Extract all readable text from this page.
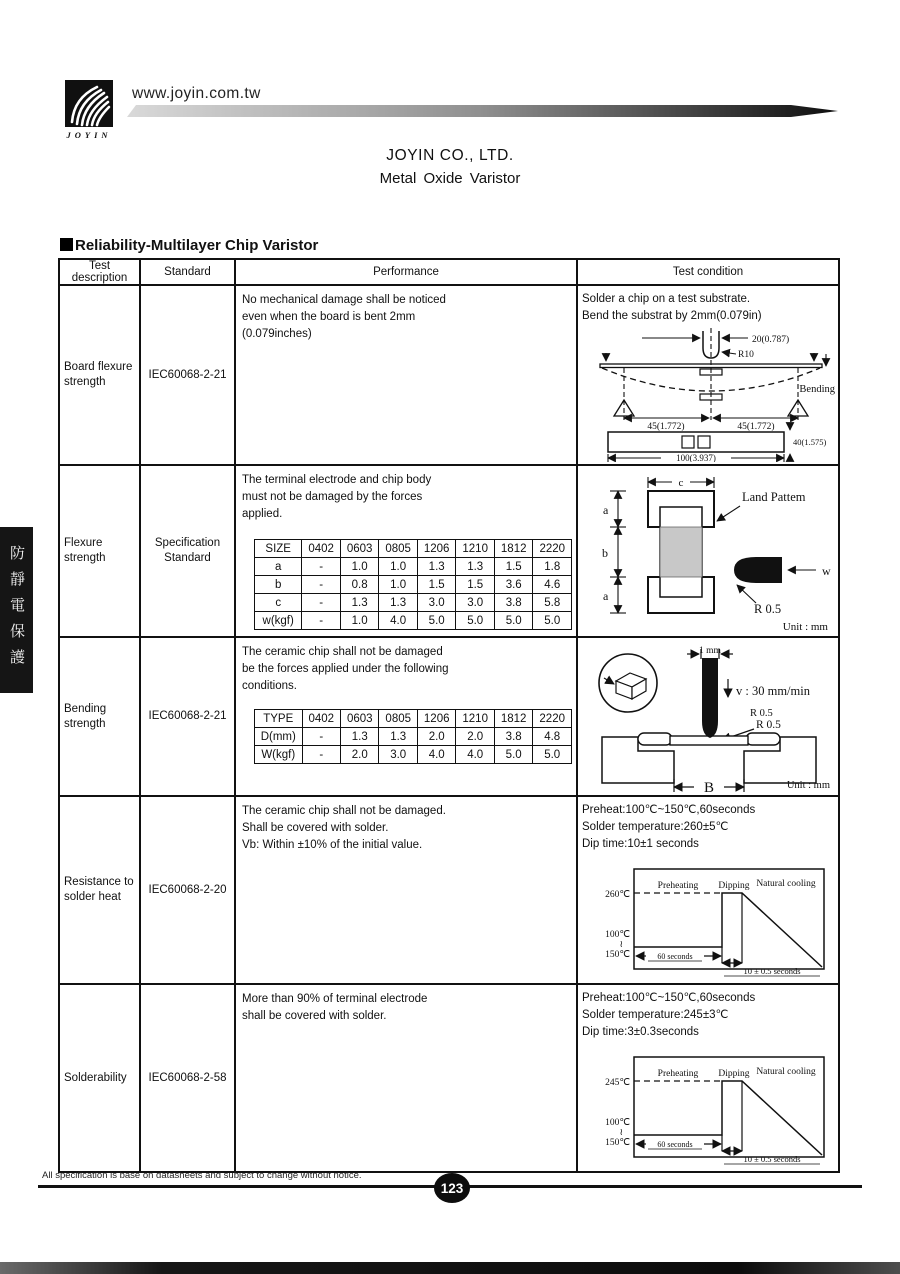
JOYIN
www.joyin.com.tw
JOYIN CO., LTD.
Metal Oxide Varistor
Reliability-Multilayer Chip Varistor
Test description	Standard	Performance	Test condition
Board flexure strength	IEC60068-2-21	
No mechanical damage shall be noticed
even when the board is bent 2mm
(0.079inches)

Solder a chip on a test substrate.
Bend the substrat by 2mm(0.079in)
20(0.787)
R10
Bending
45(1.772)	45(1.772)
100(3.937)
40(1.575)

Flexure strength	Specification Standard	
The terminal electrode and chip body
must not be damaged by the forces
applied.
SIZE	0402	0603	0805	1206	1210	1812	2220
a	-	1.0	1.0	1.3	1.3	1.5	1.8
b	-	0.8	1.0	1.5	1.5	3.6	4.6
c	-	1.3	1.3	3.0	3.0	3.8	5.8
w(kgf)	-	1.0	4.0	5.0	5.0	5.0	5.0

c
Land Pattem
a
b
a
w
R 0.5
Unit : mm

Bending strength	IEC60068-2-21	
The ceramic chip shall not be damaged
be the forces applied under the following
conditions.
TYPE	0402	0603	0805	1206	1210	1812	2220
D(mm)	-	1.3	1.3	2.0	2.0	3.8	4.8
W(kgf)	-	2.0	3.0	4.0	4.0	5.0	5.0

1 mm
v : 30 mm/min
R 0.5
R 0.5
B	Unit : mm

Resistance to solder heat	IEC60068-2-20	
The ceramic chip shall not be damaged.
Shall be covered with solder.
Vb: Within ±10% of the initial value.

Preheat:100℃~150℃,60seconds
Solder temperature:260±5℃
Dip time:10±1 seconds
260℃
100℃
≀
150℃
Preheating Dipping Natural cooling
60 seconds
10 ± 0.5 seconds

Solderability	IEC60068-2-58	
More than 90% of terminal electrode
shall be covered with solder.

Preheat:100℃~150℃,60seconds
Solder temperature:245±3℃
Dip time:3±0.3seconds
245℃
100℃
≀
150℃
Preheating Dipping Natural cooling
60 seconds
10 ± 0.5 seconds
防靜電保護
All specification is base on datasheets and subject to change without notice.
123
